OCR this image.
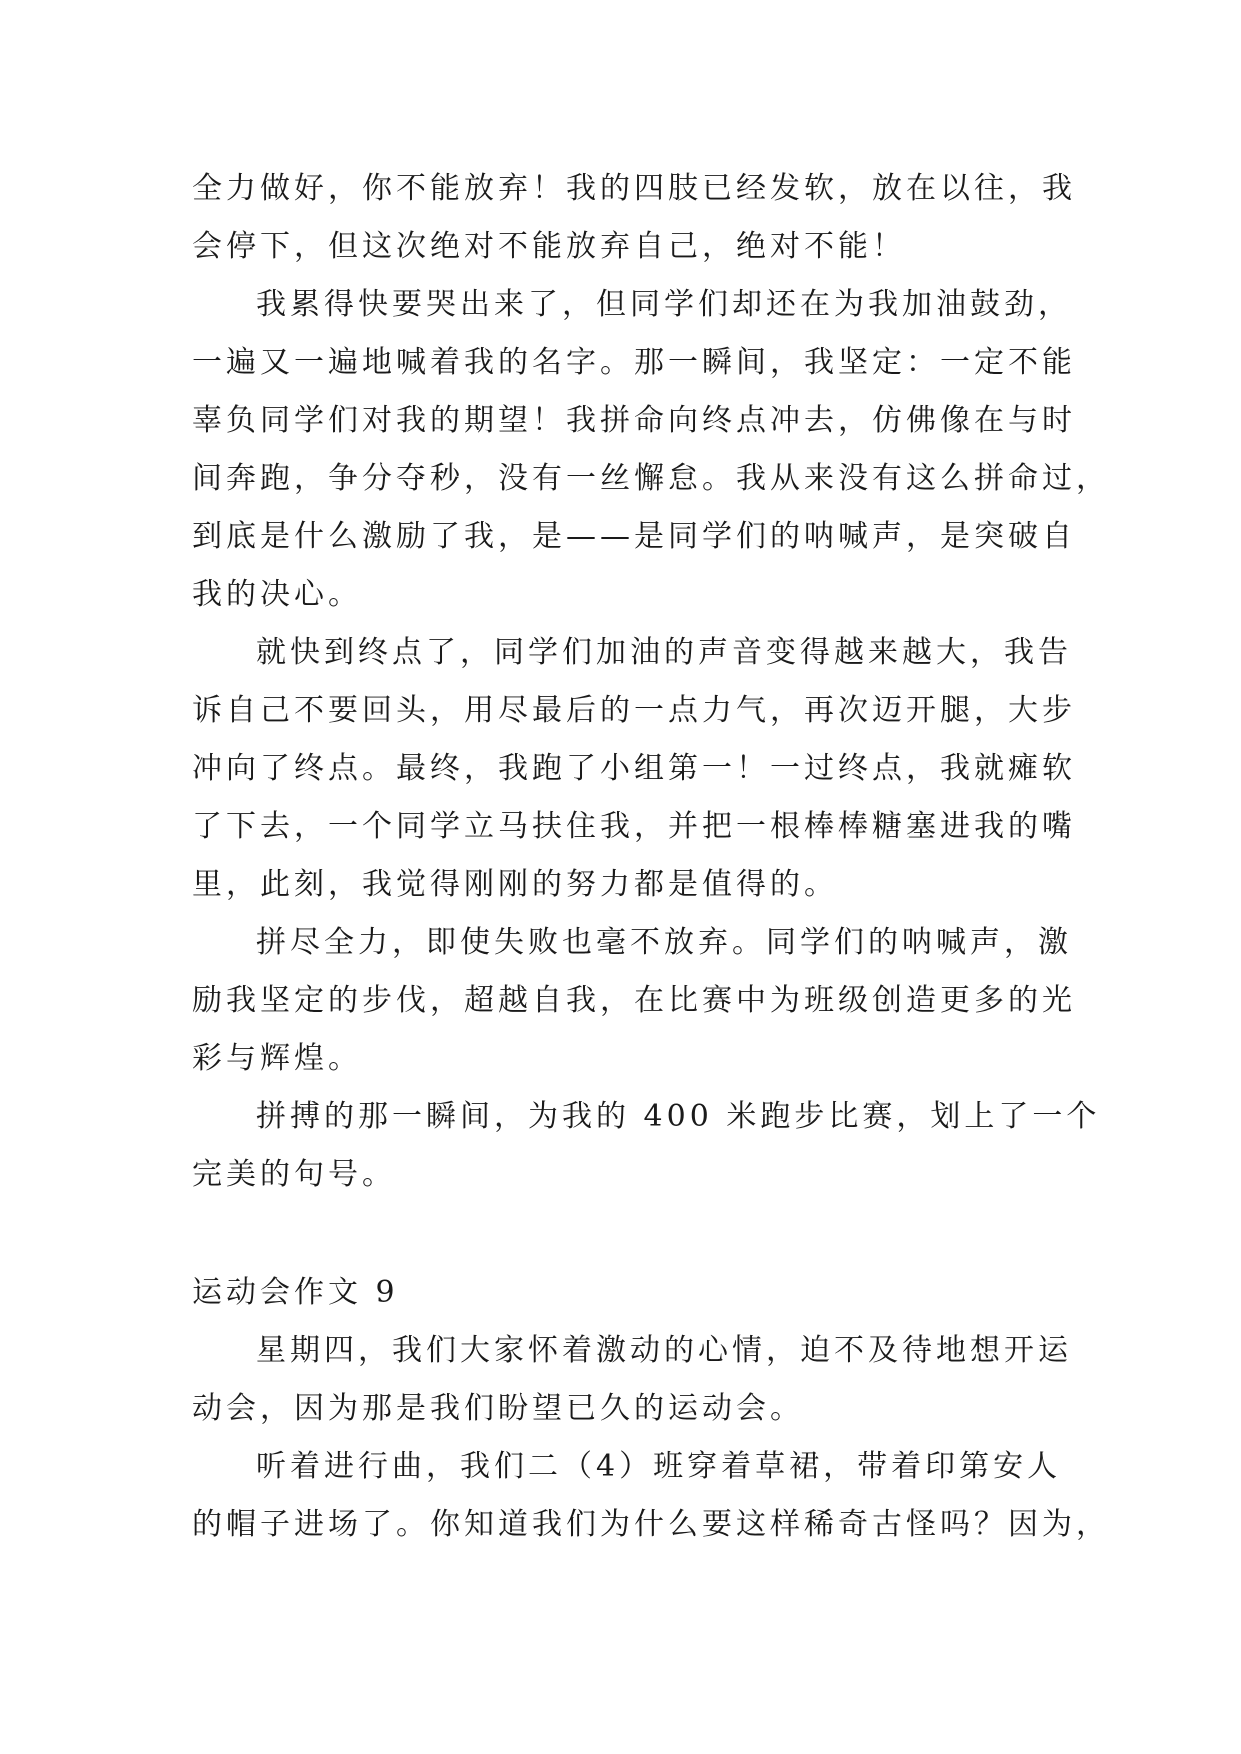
全力做好，你不能放弃！我的四肢已经发软，放在以往，我
会停下，但这次绝对不能放弃自己，绝对不能！
我累得快要哭出来了，但同学们却还在为我加油鼓劲，
一遍又一遍地喊着我的名字。那一瞬间，我坚定：一定不能
辜负同学们对我的期望！我拼命向终点冲去，仿佛像在与时
间奔跑，争分夺秒，没有一丝懈怠。我从来没有这么拼命过，
到底是什么激励了我，是——是同学们的呐喊声，是突破自
我的决心。
就快到终点了，同学们加油的声音变得越来越大，我告
诉自己不要回头，用尽最后的一点力气，再次迈开腿，大步
冲向了终点。最终，我跑了小组第一！一过终点，我就瘫软
了下去，一个同学立马扶住我，并把一根棒棒糖塞进我的嘴
里，此刻，我觉得刚刚的努力都是值得的。
拼尽全力，即使失败也毫不放弃。同学们的呐喊声，激
励我坚定的步伐，超越自我，在比赛中为班级创造更多的光
彩与辉煌。
拼搏的那一瞬间，为我的 400 米跑步比赛，划上了一个
完美的句号。
运动会作文 9
星期四，我们大家怀着激动的心情，迫不及待地想开运
动会，因为那是我们盼望已久的运动会。
听着进行曲，我们二（4）班穿着草裙，带着印第安人
的帽子进场了。你知道我们为什么要这样稀奇古怪吗？因为，
